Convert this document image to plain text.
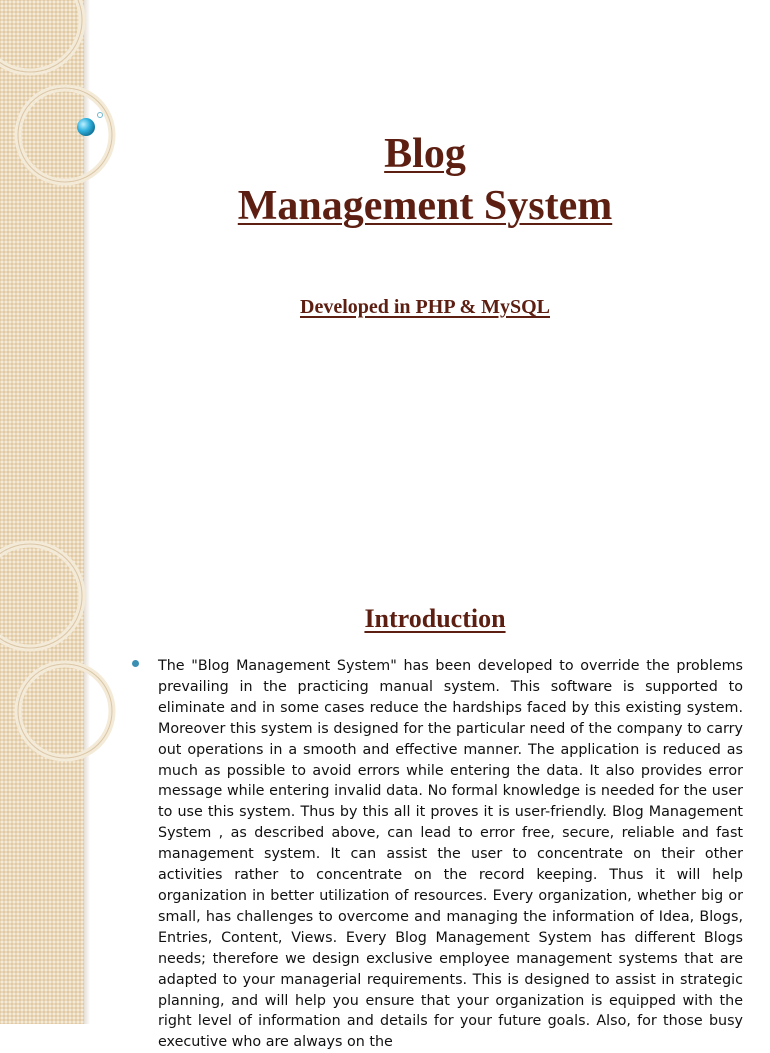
Blog
Management System
Developed in PHP & MySQL
Introduction

The "Blog Management System" has been developed to override the problems prevailing in the practicing manual system. This software is supported to eliminate and in some cases reduce the hardships faced by this existing system. Moreover this system is designed for the particular need of the company to carry out operations in a smooth and effective manner. The application is reduced as much as possible to avoid errors while entering the data. It also provides error message while entering invalid data. No formal knowledge is needed for the user to use this system. Thus by this all it proves it is user-friendly. Blog Management System , as described above, can lead to error free, secure, reliable and fast management system. It can assist the user to concentrate on their other activities rather to concentrate on the record keeping. Thus it will help organization in better utilization of resources. Every organization, whether big or small, has challenges to overcome and managing the information of Idea, Blogs, Entries, Content, Views. Every Blog Management System has different Blogs needs; therefore we design exclusive employee management systems that are adapted to your managerial requirements. This is designed to assist in strategic planning, and will help you ensure that your organization is equipped with the right level of information and details for your future goals. Also, for those busy executive who are always on the
